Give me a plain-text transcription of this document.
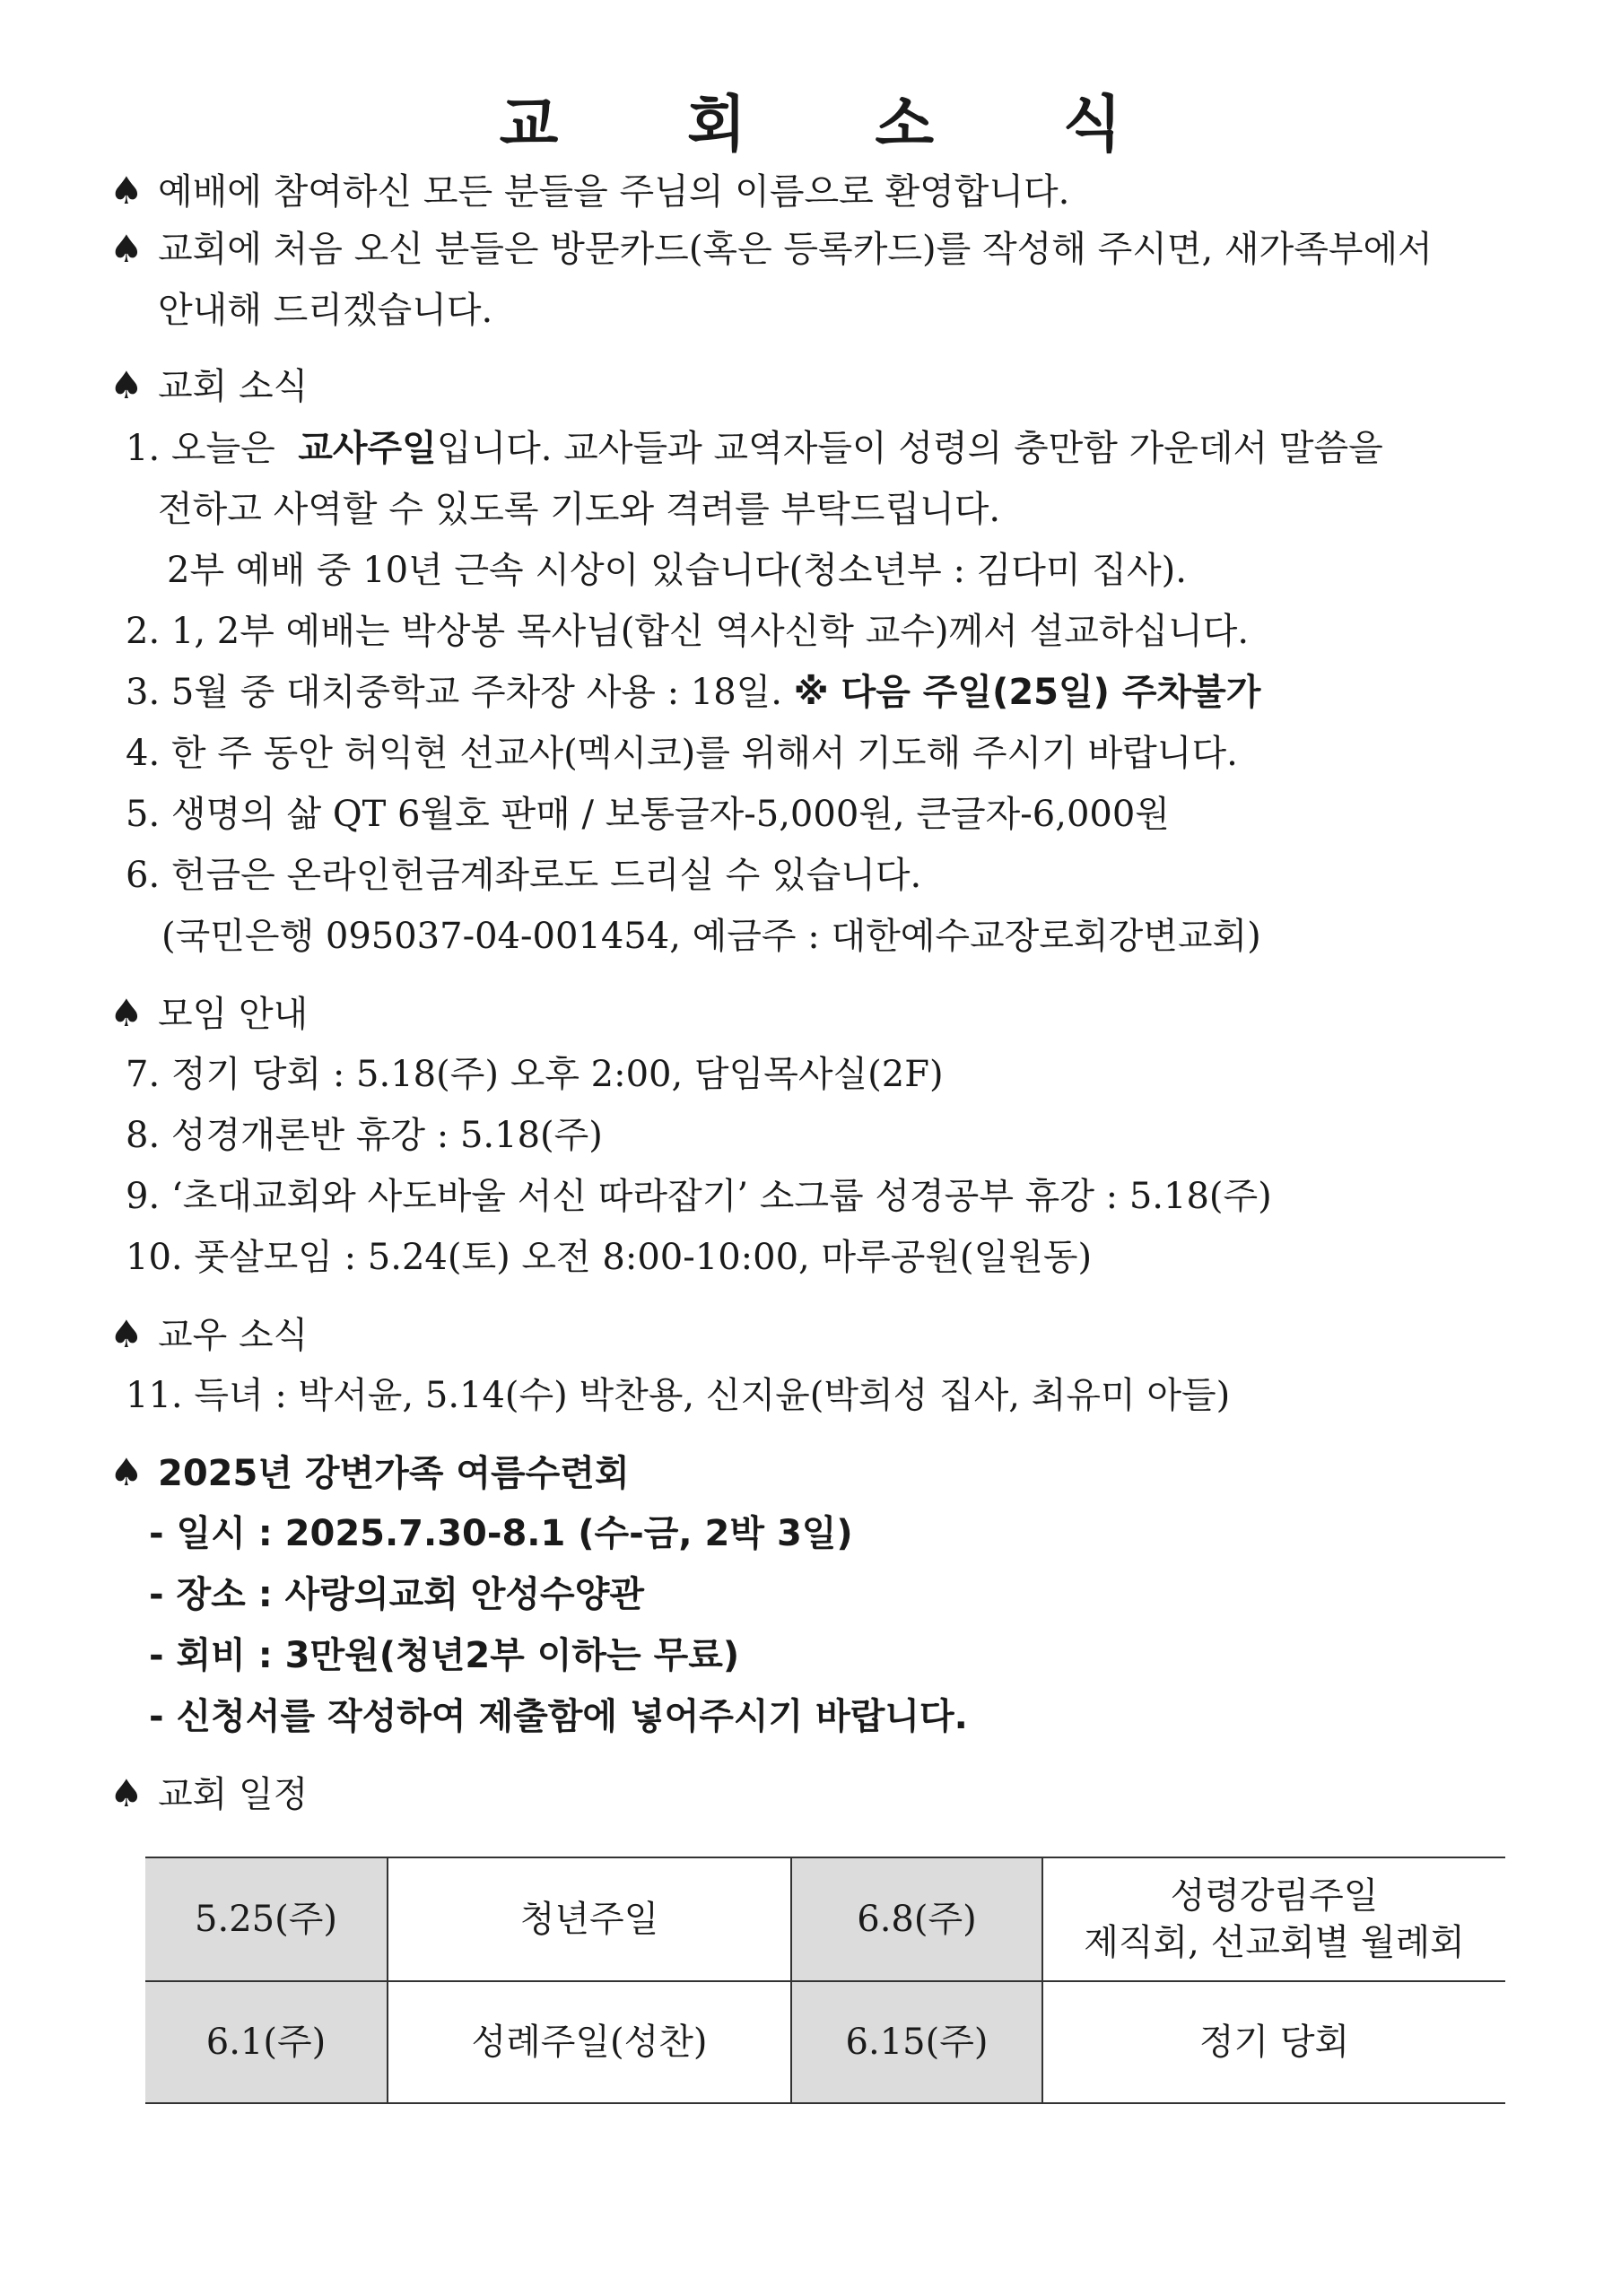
교 회 소 식
♠ 예배에 참여하신 모든 분들을 주님의 이름으로 환영합니다.
♠ 교회에 처음 오신 분들은 방문카드(혹은 등록카드)를 작성해 주시면, 새가족부에서
안내해 드리겠습니다.
♠ 교회 소식
1. 오늘은 교사주일입니다. 교사들과 교역자들이 성령의 충만함 가운데서 말씀을
전하고 사역할 수 있도록 기도와 격려를 부탁드립니다.
2부 예배 중 10년 근속 시상이 있습니다(청소년부 : 김다미 집사).
2. 1, 2부 예배는 박상봉 목사님(합신 역사신학 교수)께서 설교하십니다.
3. 5월 중 대치중학교 주차장 사용 : 18일. ※ 다음 주일(25일) 주차불가
4. 한 주 동안 허익현 선교사(멕시코)를 위해서 기도해 주시기 바랍니다.
5. 생명의 삶 QT 6월호 판매 / 보통글자-5,000원, 큰글자-6,000원
6. 헌금은 온라인헌금계좌로도 드리실 수 있습니다.
(국민은행 095037-04-001454, 예금주 : 대한예수교장로회강변교회)
♠ 모임 안내
7. 정기 당회 : 5.18(주) 오후 2:00, 담임목사실(2F)
8. 성경개론반 휴강 : 5.18(주)
9. ‘초대교회와 사도바울 서신 따라잡기’ 소그룹 성경공부 휴강 : 5.18(주)
10. 풋살모임 : 5.24(토) 오전 8:00-10:00, 마루공원(일원동)
♠ 교우 소식
11. 득녀 : 박서윤, 5.14(수) 박찬용, 신지윤(박희성 집사, 최유미 아들)
♠ 2025년 강변가족 여름수련회
- 일시 : 2025.7.30-8.1 (수-금, 2박 3일)
- 장소 : 사랑의교회 안성수양관
- 회비 : 3만원(청년2부 이하는 무료)
- 신청서를 작성하여 제출함에 넣어주시기 바랍니다.
♠ 교회 일정
5.25(주)	청년주일	6.8(주)	성령강림주일
제직회, 선교회별 월례회

6.1(주)	성례주일(성찬)	6.15(주)	정기 당회
